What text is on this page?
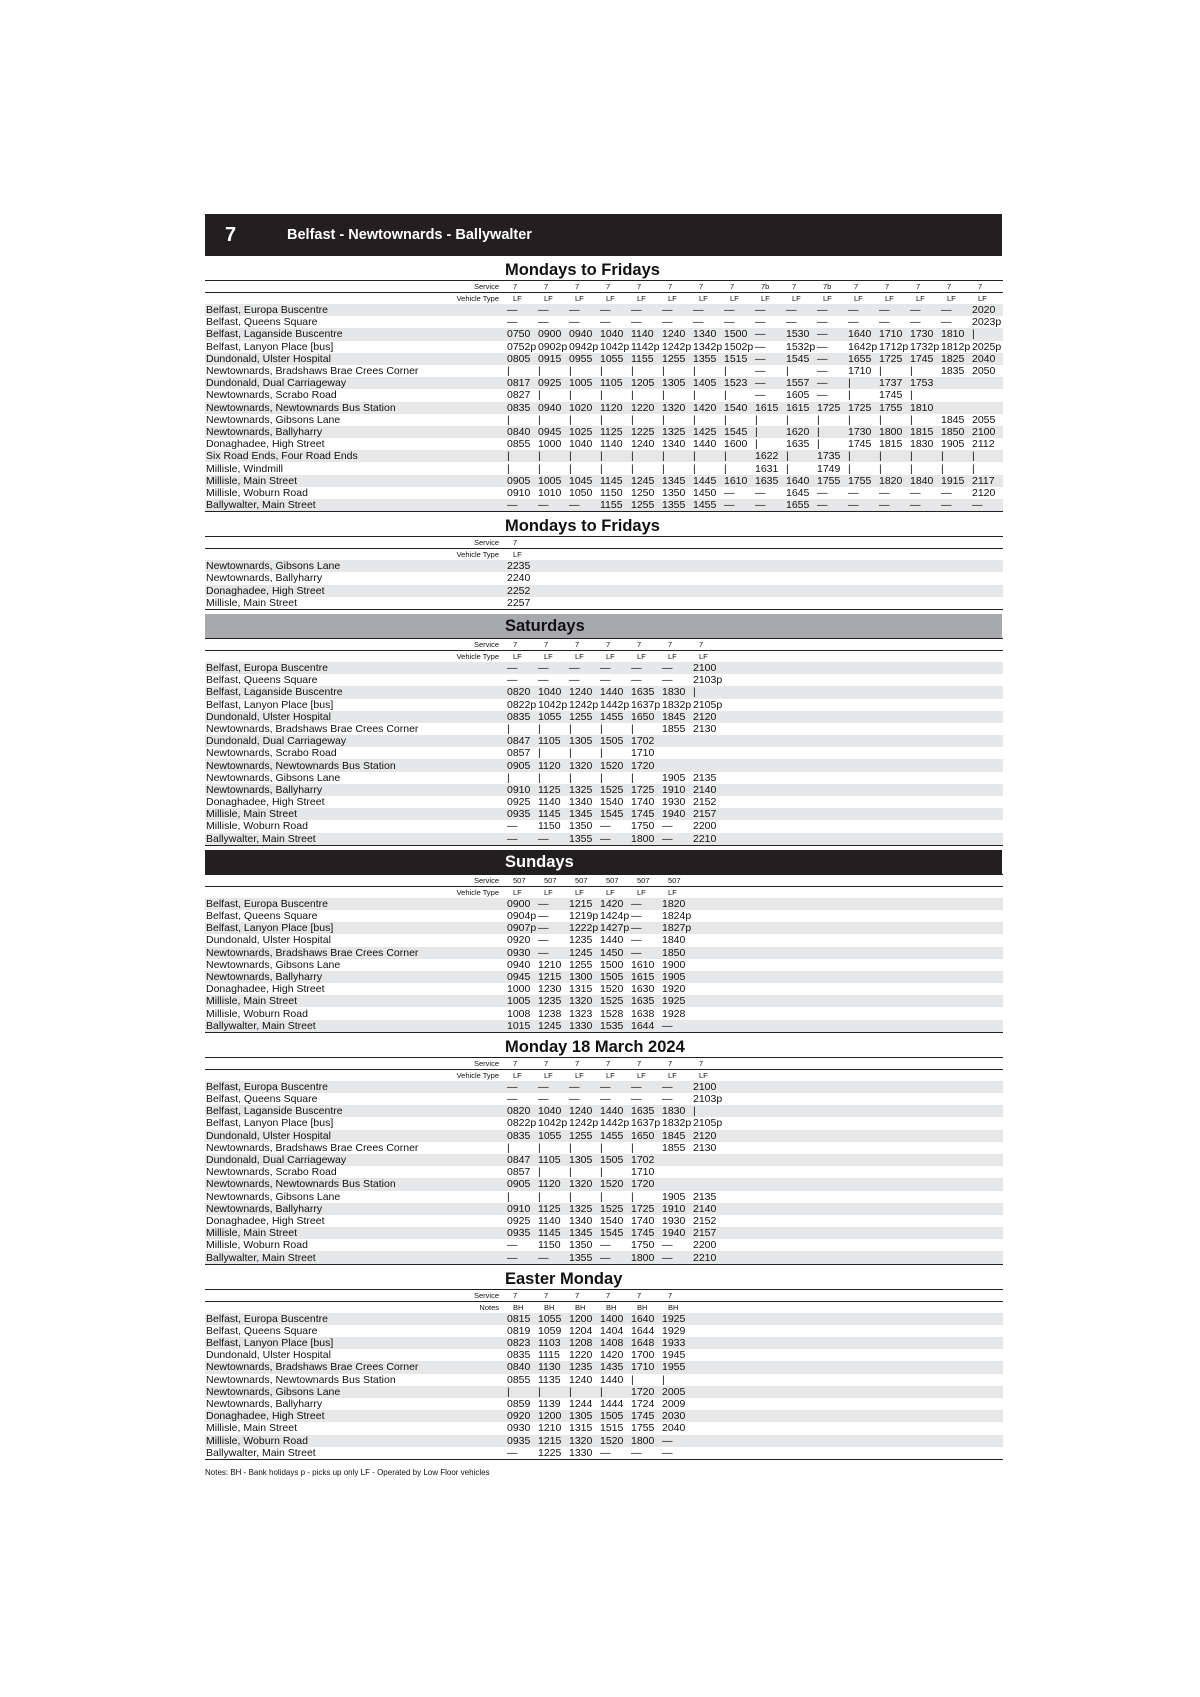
7	Belfast - Newtownards - Ballywalter
Mondays to Fridays
Service	7	7	7	7	7	7	7	7	7b	7	7b	7	7	7	7	7
Vehicle Type	LF	LF	LF	LF	LF	LF	LF	LF	LF	LF	LF	LF	LF	LF	LF	LF
Belfast, Europa Buscentre	—	—	—	—	—	—	—	—	—	—	—	—	—	—	—	2020
Belfast, Queens Square	—	—	—	—	—	—	—	—	—	—	—	—	—	—	—	2023p
Belfast, Laganside Buscentre	0750	0900	0940	1040	1140	1240	1340	1500	—	1530	—	1640	1710	1730	1810	|
Belfast, Lanyon Place [bus]	0752p	0902p	0942p	1042p	1142p	1242p	1342p	1502p	—	1532p	—	1642p	1712p	1732p	1812p	2025p
Dundonald, Ulster Hospital	0805	0915	0955	1055	1155	1255	1355	1515	—	1545	—	1655	1725	1745	1825	2040
Newtownards, Bradshaws Brae Crees Corner	|	|	|	|	|	|	|	|	—	|	—	1710	|	|	1835	2050
Dundonald, Dual Carriageway	0817	0925	1005	1105	1205	1305	1405	1523	—	1557	—	|	1737	1753		
Newtownards, Scrabo Road	0827	|	|	|	|	|	|	|	—	1605	—	|	1745	|		
Newtownards, Newtownards Bus Station	0835	0940	1020	1120	1220	1320	1420	1540	1615	1615	1725	1725	1755	1810		
Newtownards, Gibsons Lane	|	|	|	|	|	|	|	|	|	|	|	|	|	|	1845	2055
Newtownards, Ballyharry	0840	0945	1025	1125	1225	1325	1425	1545	|	1620	|	1730	1800	1815	1850	2100
Donaghadee, High Street	0855	1000	1040	1140	1240	1340	1440	1600	|	1635	|	1745	1815	1830	1905	2112
Six Road Ends, Four Road Ends	|	|	|	|	|	|	|	|	1622	|	1735	|	|	|	|	|
Millisle, Windmill	|	|	|	|	|	|	|	|	1631	|	1749	|	|	|	|	|
Millisle, Main Street	0905	1005	1045	1145	1245	1345	1445	1610	1635	1640	1755	1755	1820	1840	1915	2117
Millisle, Woburn Road	0910	1010	1050	1150	1250	1350	1450	—	—	1645	—	—	—	—	—	2120
Ballywalter, Main Street	—	—	—	1155	1255	1355	1455	—	—	1655	—	—	—	—	—	—
Mondays to Fridays
Service	7															
Vehicle Type	LF															
Newtownards, Gibsons Lane	2235															
Newtownards, Ballyharry	2240															
Donaghadee, High Street	2252															
Millisle, Main Street	2257															
Saturdays
Service	7	7	7	7	7	7	7									
Vehicle Type	LF	LF	LF	LF	LF	LF	LF									
Belfast, Europa Buscentre	—	—	—	—	—	—	2100									
Belfast, Queens Square	—	—	—	—	—	—	2103p									
Belfast, Laganside Buscentre	0820	1040	1240	1440	1635	1830	|									
Belfast, Lanyon Place [bus]	0822p	1042p	1242p	1442p	1637p	1832p	2105p									
Dundonald, Ulster Hospital	0835	1055	1255	1455	1650	1845	2120									
Newtownards, Bradshaws Brae Crees Corner	|	|	|	|	|	1855	2130									
Dundonald, Dual Carriageway	0847	1105	1305	1505	1702											
Newtownards, Scrabo Road	0857	|	|	|	1710											
Newtownards, Newtownards Bus Station	0905	1120	1320	1520	1720											
Newtownards, Gibsons Lane	|	|	|	|	|	1905	2135									
Newtownards, Ballyharry	0910	1125	1325	1525	1725	1910	2140									
Donaghadee, High Street	0925	1140	1340	1540	1740	1930	2152									
Millisle, Main Street	0935	1145	1345	1545	1745	1940	2157									
Millisle, Woburn Road	—	1150	1350	—	1750	—	2200									
Ballywalter, Main Street	—	—	1355	—	1800	—	2210									
Sundays
Service	507	507	507	507	507	507										
Vehicle Type	LF	LF	LF	LF	LF	LF										
Belfast, Europa Buscentre	0900	—	1215	1420	—	1820										
Belfast, Queens Square	0904p	—	1219p	1424p	—	1824p										
Belfast, Lanyon Place [bus]	0907p	—	1222p	1427p	—	1827p										
Dundonald, Ulster Hospital	0920	—	1235	1440	—	1840										
Newtownards, Bradshaws Brae Crees Corner	0930	—	1245	1450	—	1850										
Newtownards, Gibsons Lane	0940	1210	1255	1500	1610	1900										
Newtownards, Ballyharry	0945	1215	1300	1505	1615	1905										
Donaghadee, High Street	1000	1230	1315	1520	1630	1920										
Millisle, Main Street	1005	1235	1320	1525	1635	1925										
Millisle, Woburn Road	1008	1238	1323	1528	1638	1928										
Ballywalter, Main Street	1015	1245	1330	1535	1644	—										
Monday 18 March 2024
Service	7	7	7	7	7	7	7									
Vehicle Type	LF	LF	LF	LF	LF	LF	LF									
Belfast, Europa Buscentre	—	—	—	—	—	—	2100									
Belfast, Queens Square	—	—	—	—	—	—	2103p									
Belfast, Laganside Buscentre	0820	1040	1240	1440	1635	1830	|									
Belfast, Lanyon Place [bus]	0822p	1042p	1242p	1442p	1637p	1832p	2105p									
Dundonald, Ulster Hospital	0835	1055	1255	1455	1650	1845	2120									
Newtownards, Bradshaws Brae Crees Corner	|	|	|	|	|	1855	2130									
Dundonald, Dual Carriageway	0847	1105	1305	1505	1702											
Newtownards, Scrabo Road	0857	|	|	|	1710											
Newtownards, Newtownards Bus Station	0905	1120	1320	1520	1720											
Newtownards, Gibsons Lane	|	|	|	|	|	1905	2135									
Newtownards, Ballyharry	0910	1125	1325	1525	1725	1910	2140									
Donaghadee, High Street	0925	1140	1340	1540	1740	1930	2152									
Millisle, Main Street	0935	1145	1345	1545	1745	1940	2157									
Millisle, Woburn Road	—	1150	1350	—	1750	—	2200									
Ballywalter, Main Street	—	—	1355	—	1800	—	2210									
Easter Monday
Service	7	7	7	7	7	7										
Notes	BH	BH	BH	BH	BH	BH										
Belfast, Europa Buscentre	0815	1055	1200	1400	1640	1925										
Belfast, Queens Square	0819	1059	1204	1404	1644	1929										
Belfast, Lanyon Place [bus]	0823	1103	1208	1408	1648	1933										
Dundonald, Ulster Hospital	0835	1115	1220	1420	1700	1945										
Newtownards, Bradshaws Brae Crees Corner	0840	1130	1235	1435	1710	1955										
Newtownards, Newtownards Bus Station	0855	1135	1240	1440	|	|										
Newtownards, Gibsons Lane	|	|	|	|	1720	2005										
Newtownards, Ballyharry	0859	1139	1244	1444	1724	2009										
Donaghadee, High Street	0920	1200	1305	1505	1745	2030										
Millisle, Main Street	0930	1210	1315	1515	1755	2040										
Millisle, Woburn Road	0935	1215	1320	1520	1800	—										
Ballywalter, Main Street	—	1225	1330	—	—	—										
Notes: BH - Bank holidays p - picks up only LF - Operated by Low Floor vehicles
